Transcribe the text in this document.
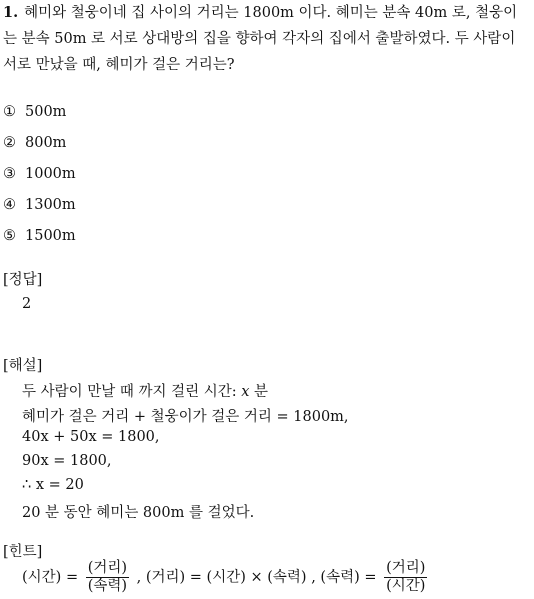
1. 혜미와 철웅이네 집 사이의 거리는 1800m 이다. 혜미는 분속 40m 로, 철웅이는 분속 50m 로 서로 상대방의 집을 향하여 각자의 집에서 출발하였다. 두 사람이 서로 만났을 때, 혜미가 걸은 거리는?
① 500m
② 800m
③ 1000m
④ 1300m
⑤ 1500m
[정답]
2
[해설]
두 사람이 만날 때 까지 걸린 시간: x 분
혜미가 걸은 거리 + 철웅이가 걸은 거리 = 1800m,
40x + 50x = 1800,
90x = 1800,
∴ x = 20
20 분 동안 혜미는 800m 를 걸었다.
[힌트]
(시간) = $\frac{\text{(거리)}}{\text{(속력)}}$ , (거리) = (시간) × (속력) , (속력) = $\frac{\text{(거리)}}{\text{(시간)}}$
